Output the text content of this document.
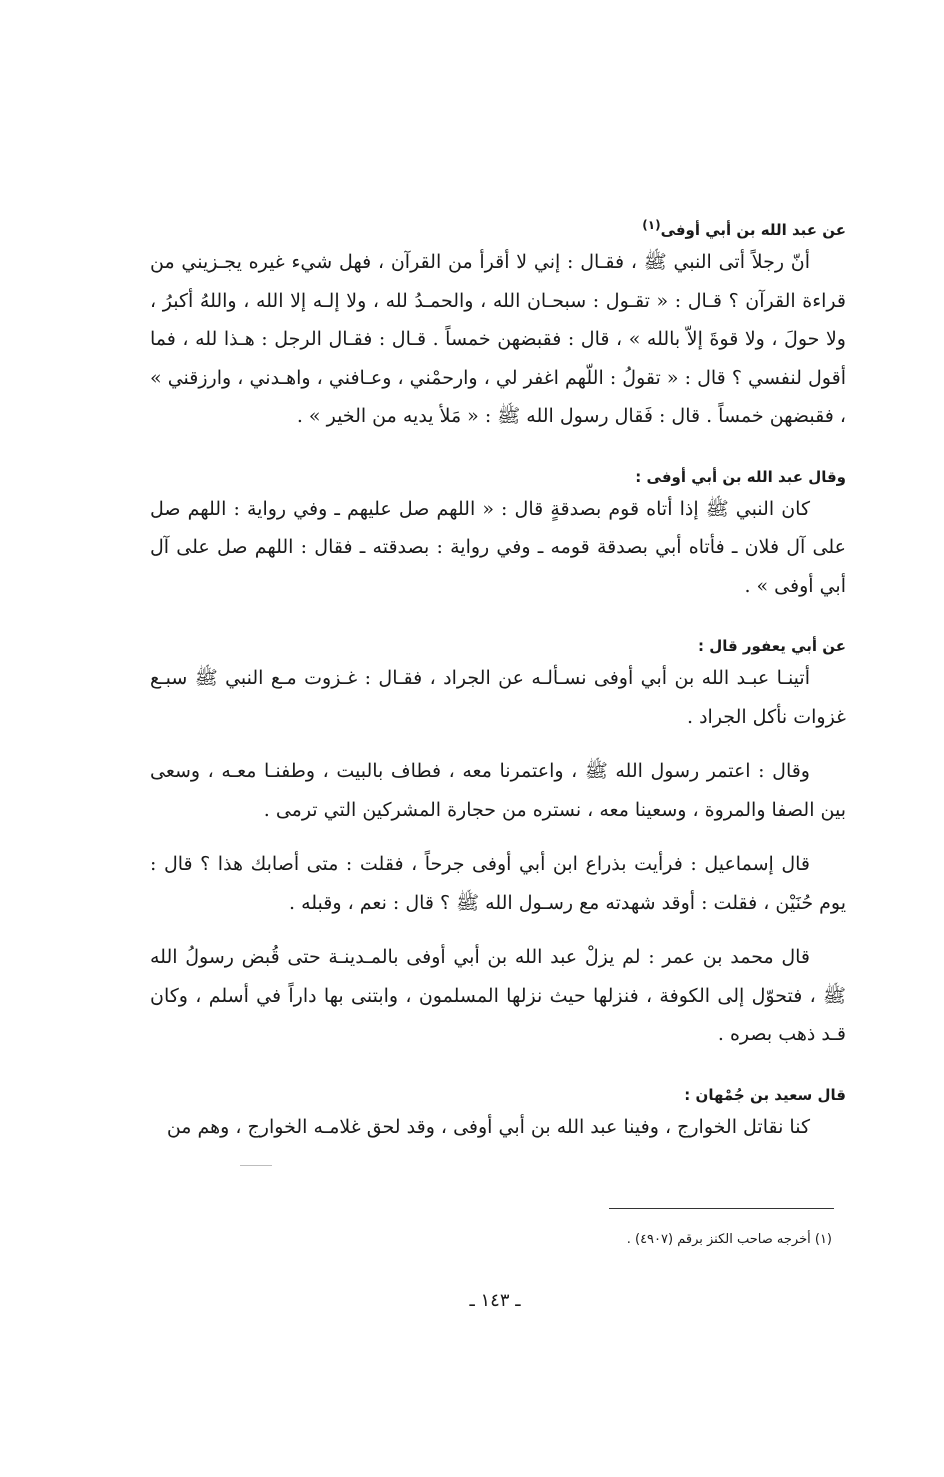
عن عبد الله بن أبي أوفى$^{(١)}$

أنّ رجلاً أتى النبي ﷺ ، فقـال : إني لا أقرأ من القرآن ، فهل شيء غيره يجـزيني من قراءة القرآن ؟ قـال : « تقـول : سبحـان الله ، والحمـدُ لله ، ولا إلـه إلا الله ، واللهُ أكبرُ ، ولا حولَ ، ولا قوةَ إلاّ بالله » ، قال : فقبضهن خمساً . قـال : فقـال الرجل : هـذا لله ، فما أقول لنفسي ؟ قال : « تقولُ : اللّهم اغفر لي ، وارحمْني ، وعـافني ، واهـدني ، وارزقني » ، فقبضهن خمساً . قال : فَقال رسول الله ﷺ : « مَلأ يديه من الخير » .

وقال عبد الله بن أبي أوفى :

كان النبي ﷺ إذا أتاه قوم بصدقةٍ قال : « اللهم صل عليهم ـ وفي رواية : اللهم صل على آل فلان ـ فأتاه أبي بصدقة قومه ـ وفي رواية : بصدقته ـ فقال : اللهم صل على آل أبي أوفى » .

عن أبي يعفور قال :

أتينـا عبـد الله بن أبي أوفى نسـألـه عن الجراد ، فقـال : غـزوت مـع النبي ﷺ سبـع غزوات نأكل الجراد .

وقال : اعتمر رسول الله ﷺ ، واعتمرنا معه ، فطاف بالبيت ، وطفنـا معـه ، وسعى بين الصفا والمروة ، وسعينا معه ، نستره من حجارة المشركين التي ترمى .

قال إسماعيل : فرأيت بذراع ابن أبي أوفى جرحاً ، فقلت : متى أصابك هذا ؟ قال : يوم حُنَيْن ، فقلت : أوقد شهدته مع رسـول الله ﷺ ؟ قال : نعم ، وقبله .

قال محمد بن عمر : لم يزلْ عبد الله بن أبي أوفى بالمـدينـة حتى قُبض رسولُ الله ﷺ ، فتحوّل إلى الكوفة ، فنزلها حيث نزلها المسلمون ، وابتنى بها داراً في أسلم ، وكان قـد ذهب بصره .

قال سعيد بن جُمْهان :

كنا نقاتل الخوارج ، وفينا عبد الله بن أبي أوفى ، وقد لحق غلامـه الخوارج ، وهم من

(١) أخرجه صاحب الكنز برقم (٤٩٠٧) .
ـ ١٤٣ ـ
